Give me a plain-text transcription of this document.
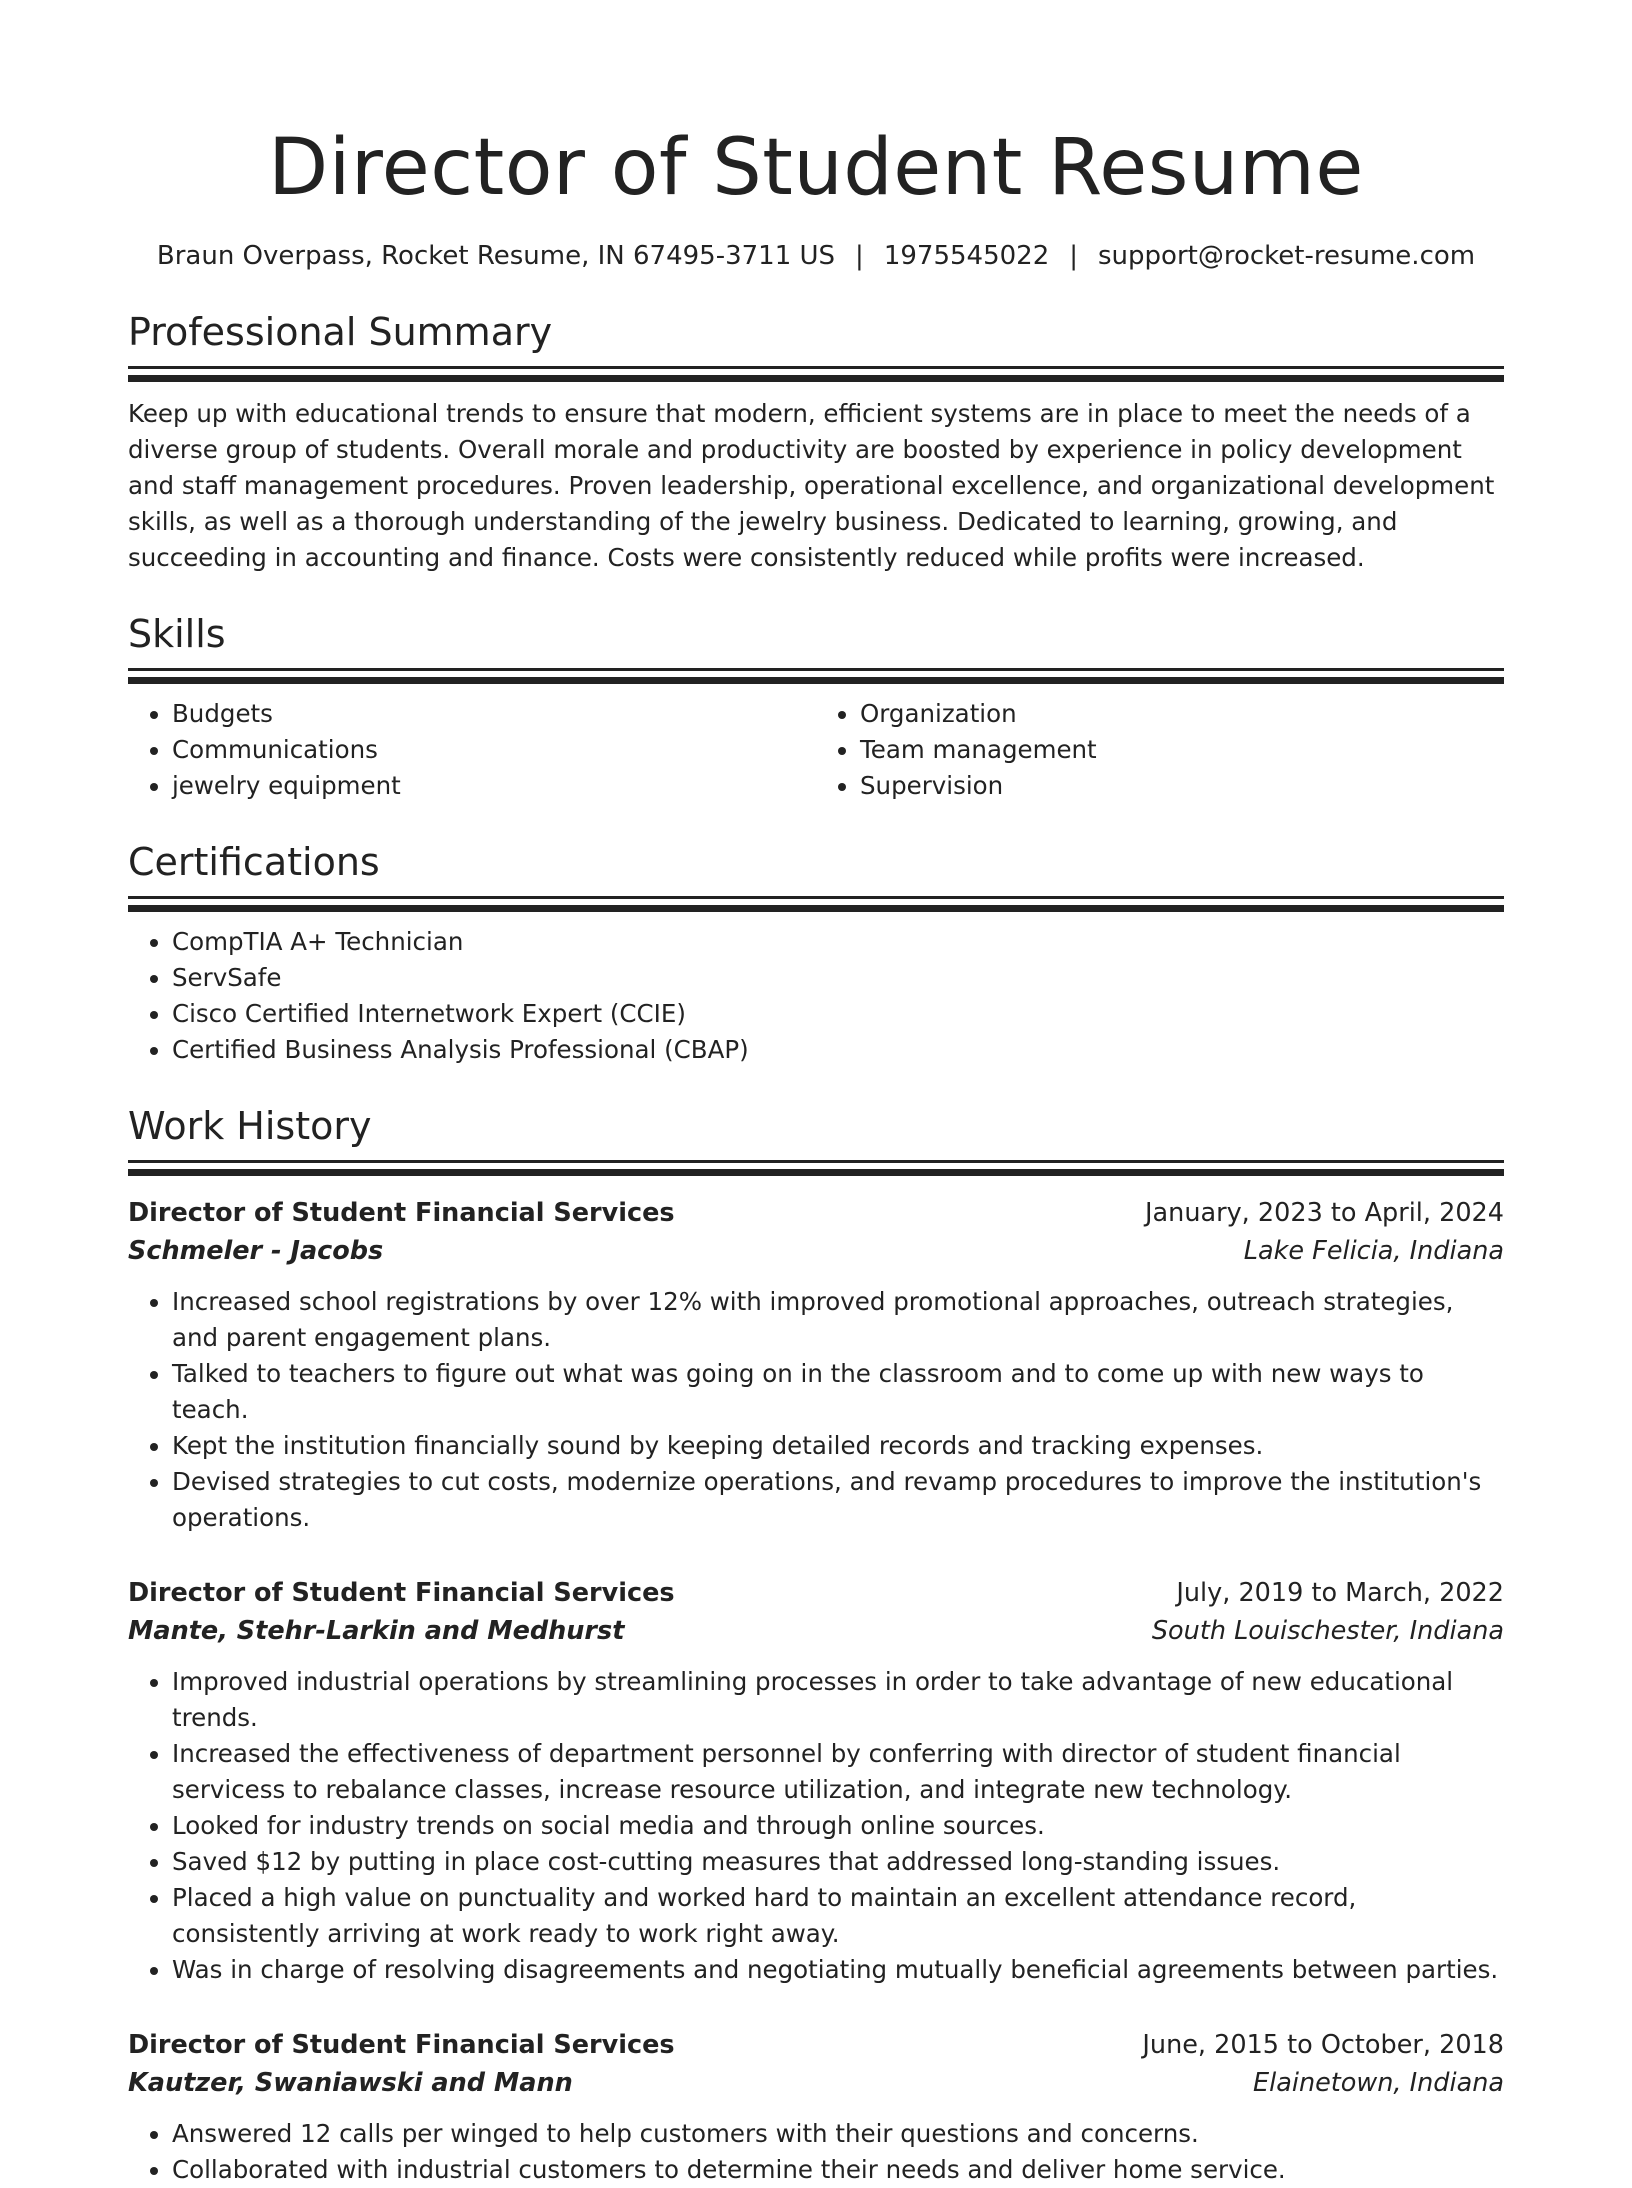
Director of Student Resume
Braun Overpass, Rocket Resume, IN 67495-3711 US | 1975545022 | support@rocket-resume.com
Professional Summary

Keep up with educational trends to ensure that modern, efficient systems are in place to meet the needs of a diverse group of students. Overall morale and productivity are boosted by experience in policy development and staff management procedures. Proven leadership, operational excellence, and organizational development skills, as well as a thorough understanding of the jewelry business. Dedicated to learning, growing, and succeeding in accounting and finance. Costs were consistently reduced while profits were increased.

Skills
• Budgets
• Communications
• jewelry equipment
• Organization
• Team management
• Supervision
Certifications
• CompTIA A+ Technician
• ServSafe
• Cisco Certified Internetwork Expert (CCIE)
• Certified Business Analysis Professional (CBAP)
Work History
Director of Student Financial Services	January, 2023 to April, 2024
Schmeler - Jacobs	Lake Felicia, Indiana
• Increased school registrations by over 12% with improved promotional approaches, outreach strategies, and parent engagement plans.
• Talked to teachers to figure out what was going on in the classroom and to come up with new ways to teach.
• Kept the institution financially sound by keeping detailed records and tracking expenses.
• Devised strategies to cut costs, modernize operations, and revamp procedures to improve the institution's operations.
Director of Student Financial Services	July, 2019 to March, 2022
Mante, Stehr-Larkin and Medhurst	South Louischester, Indiana
• Improved industrial operations by streamlining processes in order to take advantage of new educational trends.
• Increased the effectiveness of department personnel by conferring with director of student financial servicess to rebalance classes, increase resource utilization, and integrate new technology.
• Looked for industry trends on social media and through online sources.
• Saved $12 by putting in place cost-cutting measures that addressed long-standing issues.
• Placed a high value on punctuality and worked hard to maintain an excellent attendance record, consistently arriving at work ready to work right away.
• Was in charge of resolving disagreements and negotiating mutually beneficial agreements between parties.
Director of Student Financial Services	June, 2015 to October, 2018
Kautzer, Swaniawski and Mann	Elainetown, Indiana
• Answered 12 calls per winged to help customers with their questions and concerns.
• Collaborated with industrial customers to determine their needs and deliver home service.
